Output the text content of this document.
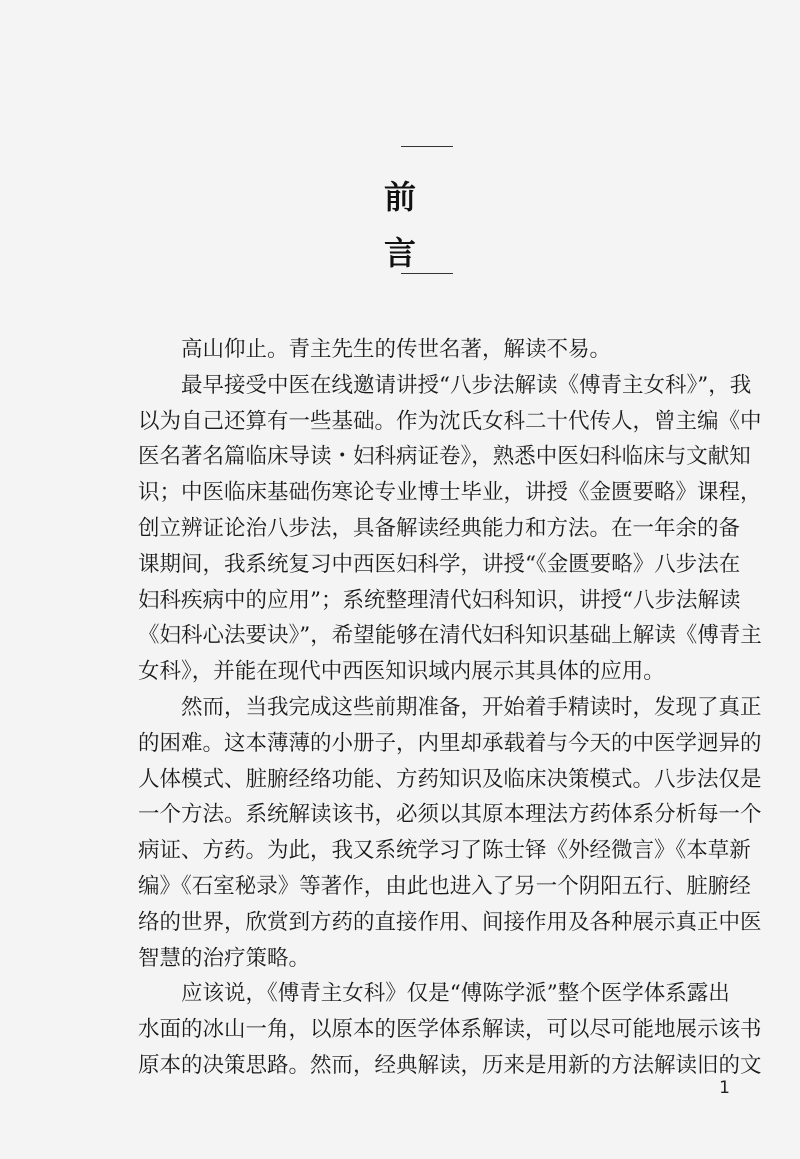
前
言
高山仰止。青主先生的传世名著，解读不易。
最早接受中医在线邀请讲授“八步法解读《傅青主女科》”，我
以为自己还算有一些基础。作为沈氏女科二十代传人，曾主编《中
医名著名篇临床导读・妇科病证卷》，熟悉中医妇科临床与文献知
识；中医临床基础伤寒论专业博士毕业，讲授《金匮要略》课程，
创立辨证论治八步法，具备解读经典能力和方法。在一年余的备
课期间，我系统复习中西医妇科学，讲授“《金匮要略》八步法在
妇科疾病中的应用”；系统整理清代妇科知识，讲授“八步法解读
《妇科心法要诀》”，希望能够在清代妇科知识基础上解读《傅青主
女科》，并能在现代中西医知识域内展示其具体的应用。
然而，当我完成这些前期准备，开始着手精读时，发现了真正
的困难。这本薄薄的小册子，内里却承载着与今天的中医学迥异的
人体模式、脏腑经络功能、方药知识及临床决策模式。八步法仅是
一个方法。系统解读该书，必须以其原本理法方药体系分析每一个
病证、方药。为此，我又系统学习了陈士铎《外经微言》《本草新
编》《石室秘录》等著作，由此也进入了另一个阴阳五行、脏腑经
络的世界，欣赏到方药的直接作用、间接作用及各种展示真正中医
智慧的治疗策略。
应该说，《傅青主女科》仅是“傅陈学派”整个医学体系露出
水面的冰山一角，以原本的医学体系解读，可以尽可能地展示该书
原本的决策思路。然而，经典解读，历来是用新的方法解读旧的文
1
